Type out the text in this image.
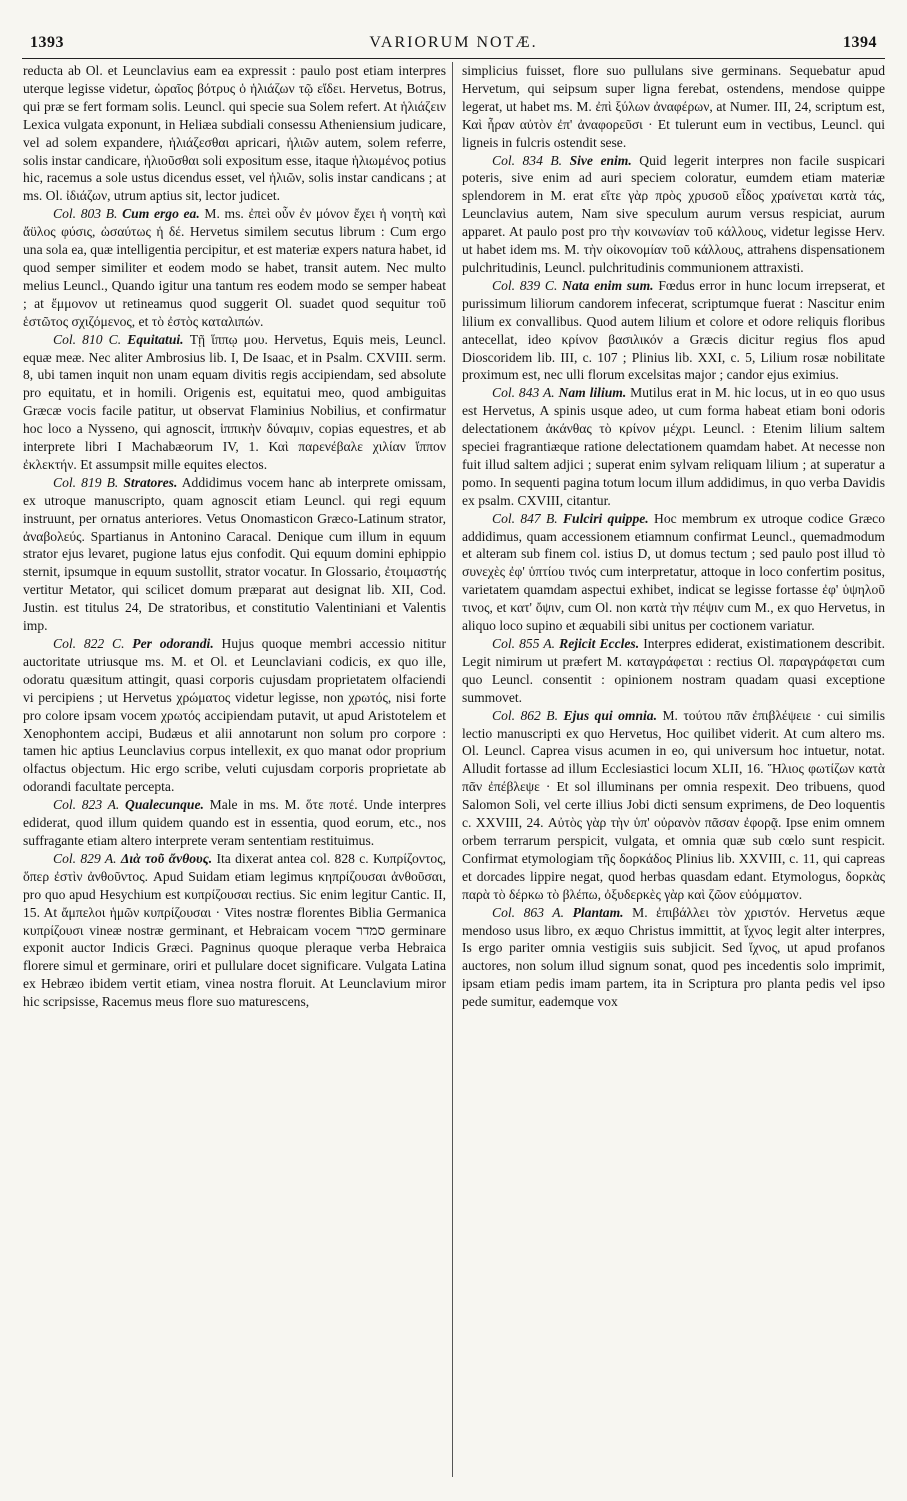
1393	VARIORUM NOTÆ.	1394

reducta ab Ol. et Leunclavius eam ea expressit : paulo post etiam interpres uterque legisse videtur, ὡραῖος βότρυς ὁ ἡλιάζων τῷ εἴδει. Hervetus, Botrus, qui præ se fert formam solis. Leuncl. qui specie sua Solem refert. At ἡλιάζειν Lexica vulgata exponunt, in Heliæa subdiali consessu Atheniensium judicare, vel ad solem expandere, ἡλιάζεσθαι apricari, ἡλιῶν autem, solem referre, solis instar candicare, ἡλιοῦσθαι soli expositum esse, itaque ἡλιωμένος potius hic, racemus a sole ustus dicendus esset, vel ἡλιῶν, solis instar candicans ; at ms. Ol. ἰδιάζων, utrum aptius sit, lector judicet.

Col. 803 B. Cum ergo ea. M. ms. ἐπεὶ οὖν ἐν μόνον ἔχει ἡ νοητὴ καὶ ἄϋλος φύσις, ὡσαύτως ἡ δέ. Hervetus similem secutus librum : Cum ergo una sola ea, quæ intelligentia percipitur, et est materiæ expers natura habet, id quod semper similiter et eodem modo se habet, transit autem. Nec multo melius Leuncl., Quando igitur una tantum res eodem modo se semper habeat ; at ἔμμονον ut retineamus quod suggerit Ol. suadet quod sequitur τοῦ ἑστῶτος σχιζόμενος, et τὸ ἐστὸς καταλιπών.

Col. 810 C. Equitatui. Τῇ ἵππῳ μου. Hervetus, Equis meis, Leuncl. equæ meæ. Nec aliter Ambrosius lib. I, De Isaac, et in Psalm. CXVIII. serm. 8, ubi tamen inquit non unam equam divitis regis accipiendam, sed absolute pro equitatu, et in homili. Origenis est, equitatui meo, quod ambiguitas Græcæ vocis facile patitur, ut observat Flaminius Nobilius, et confirmatur hoc loco a Nysseno, qui agnoscit, ἱππικὴν δύναμιν, copias equestres, et ab interprete libri I Machabæorum IV, 1. Καὶ παρενέβαλε χιλίαν ἵππον ἐκλεκτήν. Et assumpsit mille equites electos.

Col. 819 B. Stratores. Addidimus vocem hanc ab interprete omissam, ex utroque manuscripto, quam agnoscit etiam Leuncl. qui regi equum instruunt, per ornatus anteriores. Vetus Onomasticon Græco-Latinum strator, ἀναβολεύς. Spartianus in Antonino Caracal. Denique cum illum in equum strator ejus levaret, pugione latus ejus confodit. Qui equum domini ephippio sternit, ipsumque in equum sustollit, strator vocatur. In Glossario, ἐτοιμαστής vertitur Metator, qui scilicet domum præparat aut designat lib. XII, Cod. Justin. est titulus 24, De stratoribus, et constitutio Valentiniani et Valentis imp.

Col. 822 C. Per odorandi. Hujus quoque membri accessio nititur auctoritate utriusque ms. M. et Ol. et Leunclaviani codicis, ex quo ille, odoratu quæsitum attingit, quasi corporis cujusdam proprietatem olfaciendi vi percipiens ; ut Hervetus χρώματος videtur legisse, non χρωτός, nisi forte pro colore ipsam vocem χρωτός accipiendam putavit, ut apud Aristotelem et Xenophontem accipi, Budæus et alii annotarunt non solum pro corpore : tamen hic aptius Leunclavius corpus intellexit, ex quo manat odor proprium olfactus objectum. Hic ergo scribe, veluti cujusdam corporis proprietate ab odorandi facultate percepta.

Col. 823 A. Qualecunque. Male in ms. M. ὅτε ποτέ. Unde interpres ediderat, quod illum quidem quando est in essentia, quod eorum, etc., nos suffragante etiam altero interprete veram sententiam restituimus.

Col. 829 A. Διὰ τοῦ ἄνθους. Ita dixerat antea col. 828 c. Κυπρίζοντος, ὅπερ ἐστὶν ἀνθοῦντος. Apud Suidam etiam legimus κηπρίζουσαι ἀνθοῦσαι, pro quo apud Hesychium est κυπρίζουσαι rectius. Sic enim legitur Cantic. II, 15. At ἄμπελοι ἡμῶν κυπρίζουσαι · Vites nostræ florentes Biblia Germanica κυπρίζουσι vineæ nostræ germinant, et Hebraicam vocem סמדר germinare exponit auctor Indicis Græci. Pagninus quoque pleraque verba Hebraica florere simul et germinare, oriri et pullulare docet significare. Vulgata Latina ex Hebræo ibidem vertit etiam, vinea nostra floruit. At Leunclavium miror hic scripsisse, Racemus meus flore suo maturescens,

simplicius fuisset, flore suo pullulans sive germinans. Sequebatur apud Hervetum, qui seipsum super ligna ferebat, ostendens, mendose quippe legerat, ut habet ms. M. ἐπὶ ξύλων ἀναφέρων, at Numer. III, 24, scriptum est, Καὶ ἦραν αὐτὸν ἐπ' ἀναφορεῦσι · Et tulerunt eum in vectibus, Leuncl. qui ligneis in fulcris ostendit sese.

Col. 834 B. Sive enim. Quid legerit interpres non facile suspicari poteris, sive enim ad auri speciem coloratur, eumdem etiam materiæ splendorem in M. erat εἴτε γὰρ πρὸς χρυσοῦ εἶδος χραίνεται κατὰ τάς, Leunclavius autem, Nam sive speculum aurum versus respiciat, aurum apparet. At paulo post pro τὴν κοινωνίαν τοῦ κάλλους, videtur legisse Herv. ut habet idem ms. M. τὴν οἰκονομίαν τοῦ κάλλους, attrahens dispensationem pulchritudinis, Leuncl. pulchritudinis communionem attraxisti.

Col. 839 C. Nata enim sum. Fœdus error in hunc locum irrepserat, et purissimum liliorum candorem infecerat, scriptumque fuerat : Nascitur enim lilium ex convallibus. Quod autem lilium et colore et odore reliquis floribus antecellat, ideo κρίνον βασιλικόν a Græcis dicitur regius flos apud Dioscoridem lib. III, c. 107 ; Plinius lib. XXI, c. 5, Lilium rosæ nobilitate proximum est, nec ulli florum excelsitas major ; candor ejus eximius.

Col. 843 A. Nam lilium. Mutilus erat in M. hic locus, ut in eo quo usus est Hervetus, A spinis usque adeo, ut cum forma habeat etiam boni odoris delectationem ἀκάνθας τὸ κρίνον μέχρι. Leuncl. : Etenim lilium saltem speciei fragrantiæque ratione delectationem quamdam habet. At necesse non fuit illud saltem adjici ; superat enim sylvam reliquam lilium ; at superatur a pomo. In sequenti pagina totum locum illum addidimus, in quo verba Davidis ex psalm. CXVIII, citantur.

Col. 847 B. Fulciri quippe. Hoc membrum ex utroque codice Græco addidimus, quam accessionem etiamnum confirmat Leuncl., quemadmodum et alteram sub finem col. istius D, ut domus tectum ; sed paulo post illud τὸ συνεχὲς ἐφ' ὑπτίου τινός cum interpretatur, attoque in loco confertim positus, varietatem quamdam aspectui exhibet, indicat se legisse fortasse ἐφ' ὑψηλοῦ τινος, et κατ' ὄψιν, cum Ol. non κατὰ τὴν πέψιν cum M., ex quo Hervetus, in aliquo loco supino et æquabili sibi unitus per coctionem variatur.

Col. 855 A. Rejicit Eccles. Interpres ediderat, existimationem describit. Legit nimirum ut præfert M. καταγράφεται : rectius Ol. παραγράφεται cum quo Leuncl. consentit : opinionem nostram quadam quasi exceptione summovet.

Col. 862 B. Ejus qui omnia. M. τούτου πᾶν ἐπιβλέψειε · cui similis lectio manuscripti ex quo Hervetus, Hoc quilibet viderit. At cum altero ms. Ol. Leuncl. Caprea visus acumen in eo, qui universum hoc intuetur, notat. Alludit fortasse ad illum Ecclesiastici locum XLII, 16. Ἥλιος φωτίζων κατὰ πᾶν ἐπέβλεψε · Et sol illuminans per omnia respexit. Deo tribuens, quod Salomon Soli, vel certe illius Jobi dicti sensum exprimens, de Deo loquentis c. XXVIII, 24. Αὐτὸς γὰρ τὴν ὑπ' οὐρανὸν πᾶσαν ἐφορᾷ. Ipse enim omnem orbem terrarum perspicit, vulgata, et omnia quæ sub cœlo sunt respicit. Confirmat etymologiam τῆς δορκάδος Plinius lib. XXVIII, c. 11, qui capreas et dorcades lippire negat, quod herbas quasdam edant. Etymologus, δορκὰς παρὰ τὸ δέρκω τὸ βλέπω, ὀξυδερκὲς γὰρ καὶ ζῶον εὐόμματον.

Col. 863 A. Plantam. M. ἐπιβάλλει τὸν χριστόν. Hervetus æque mendoso usus libro, ex æquo Christus immittit, at ἴχνος legit alter interpres, Is ergo pariter omnia vestigiis suis subjicit. Sed ἴχνος, ut apud profanos auctores, non solum illud signum sonat, quod pes incedentis solo imprimit, ipsam etiam pedis imam partem, ita in Scriptura pro planta pedis vel ipso pede sumitur, eademque vox
